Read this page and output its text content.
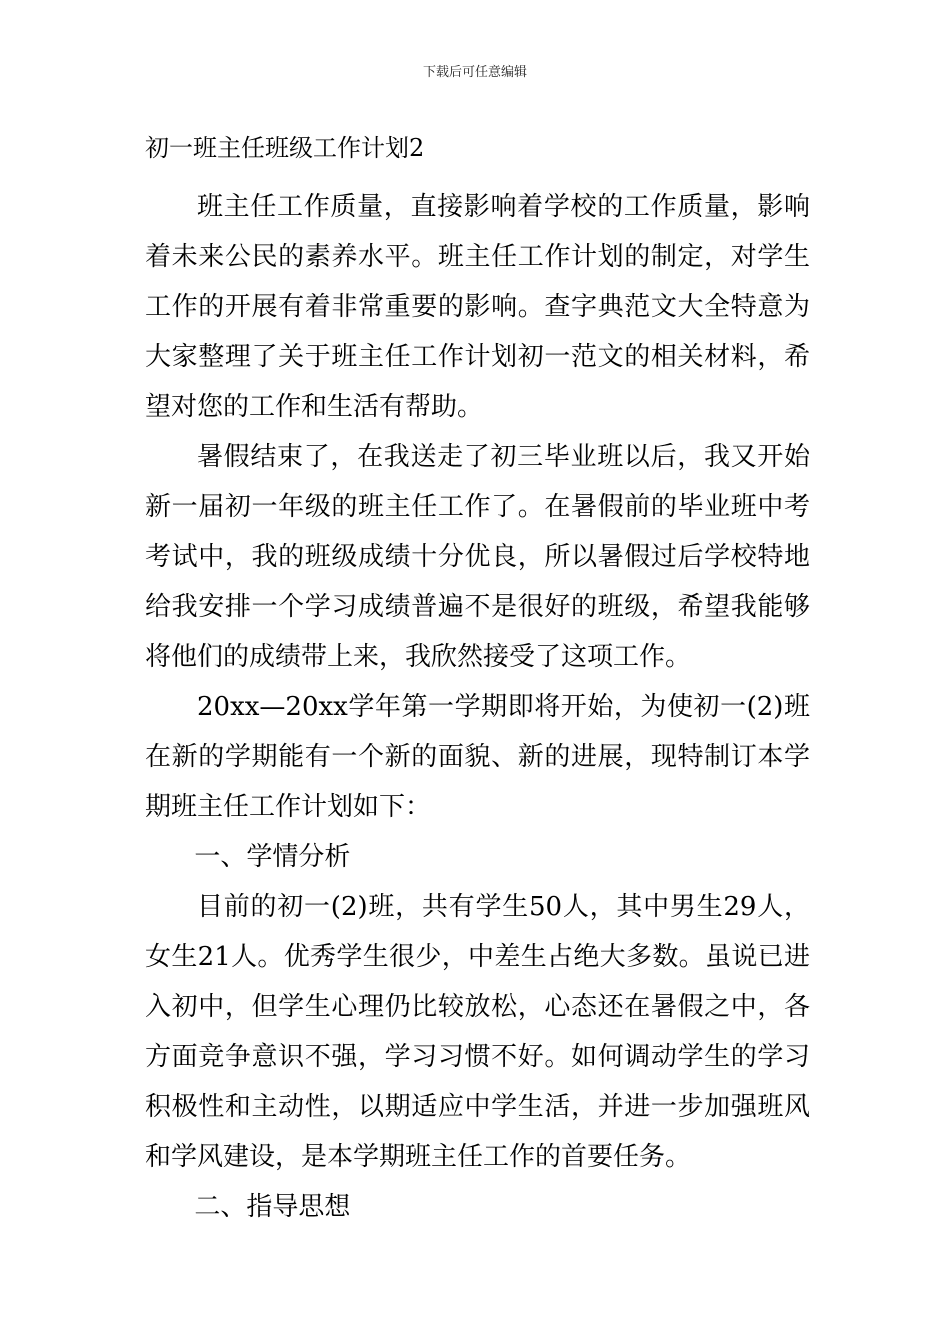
下载后可任意编辑
初一班主任班级工作计划2

班主任工作质量，直接影响着学校的工作质量，影响着未来公民的素养水平。班主任工作计划的制定，对学生工作的开展有着非常重要的影响。查字典范文大全特意为大家整理了关于班主任工作计划初一范文的相关材料，希望对您的工作和生活有帮助。

暑假结束了，在我送走了初三毕业班以后，我又开始新一届初一年级的班主任工作了。在暑假前的毕业班中考考试中，我的班级成绩十分优良，所以暑假过后学校特地给我安排一个学习成绩普遍不是很好的班级，希望我能够将他们的成绩带上来，我欣然接受了这项工作。

20xx—20xx学年第一学期即将开始，为使初一(2)班在新的学期能有一个新的面貌、新的进展，现特制订本学期班主任工作计划如下：

一、学情分析

目前的初一(2)班，共有学生50人，其中男生29人，女生21人。优秀学生很少，中差生占绝大多数。虽说已进入初中，但学生心理仍比较放松，心态还在暑假之中，各方面竞争意识不强，学习习惯不好。如何调动学生的学习积极性和主动性，以期适应中学生活，并进一步加强班风和学风建设，是本学期班主任工作的首要任务。

二、指导思想
